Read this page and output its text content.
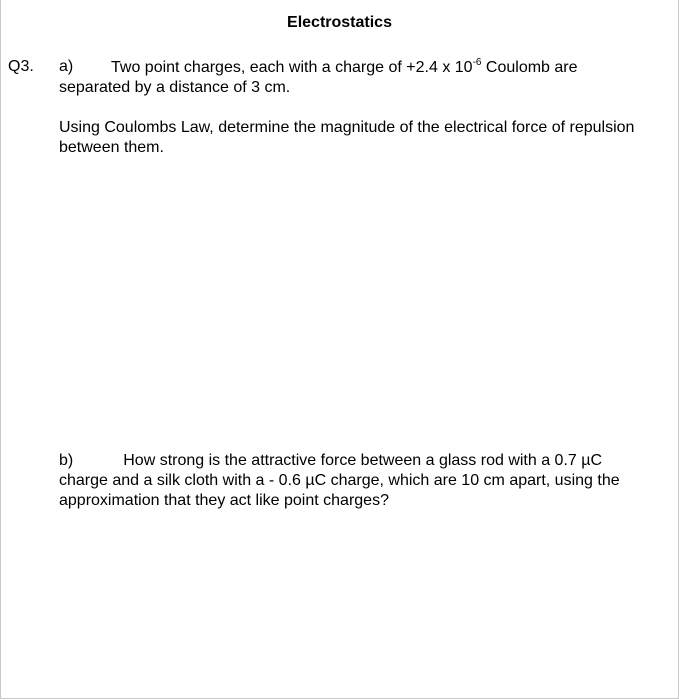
Electrostatics
Q3. a) Two point charges, each with a charge of +2.4 x $10^{-6}$ Coulomb are
separated by a distance of 3 cm.
Using Coulombs Law, determine the magnitude of the electrical force of repulsion between them.
b)	How strong is the attractive force between a glass rod with a 0.7 µC charge and a silk cloth with a - 0.6 µC charge, which are 10 cm apart, using the approximation that they act like point charges?
